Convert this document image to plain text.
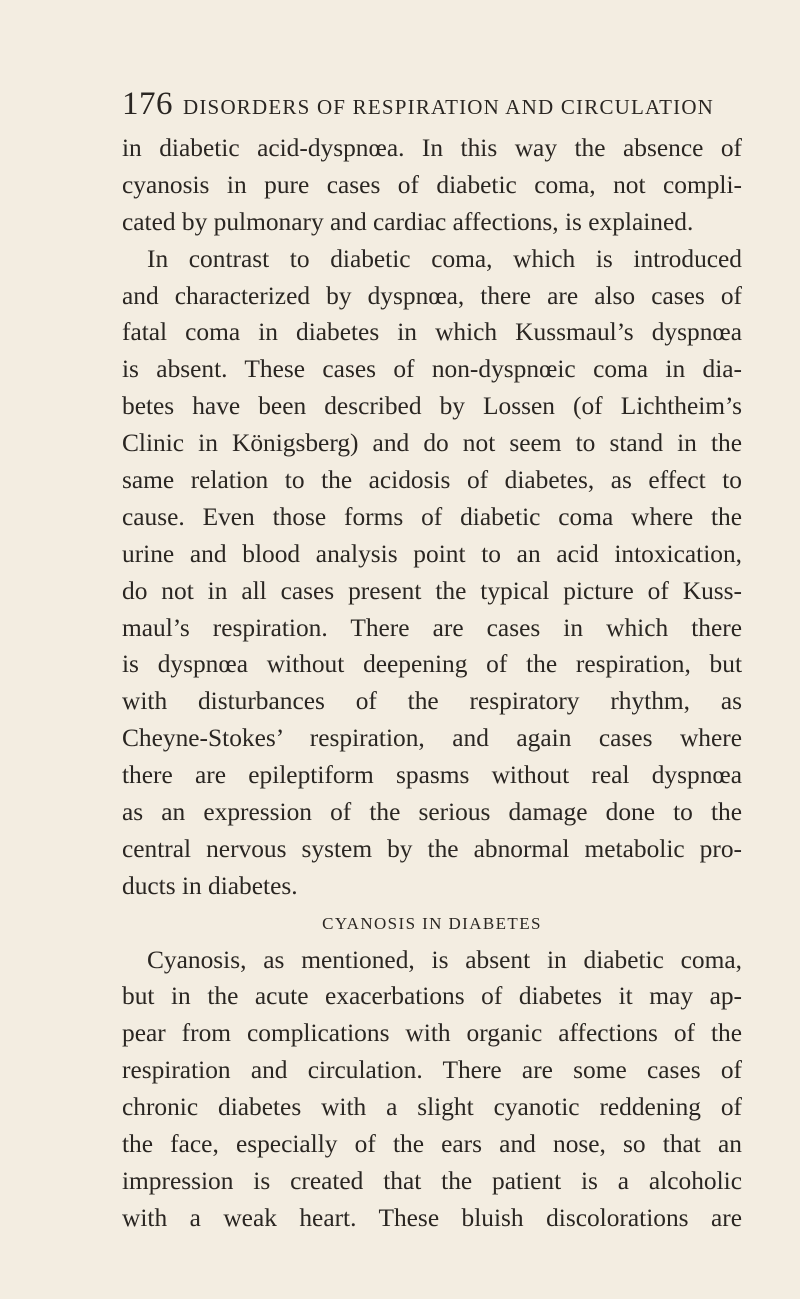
176 DISORDERS OF RESPIRATION AND CIRCULATION
in diabetic acid-dyspnœa. In this way the absence of
cyanosis in pure cases of diabetic coma, not compli-
cated by pulmonary and cardiac affections, is explained.
In contrast to diabetic coma, which is introduced
and characterized by dyspnœa, there are also cases of
fatal coma in diabetes in which Kussmaul’s dyspnœa
is absent. These cases of non-dyspnœic coma in dia-
betes have been described by Lossen (of Lichtheim’s
Clinic in Königsberg) and do not seem to stand in the
same relation to the acidosis of diabetes, as effect to
cause. Even those forms of diabetic coma where the
urine and blood analysis point to an acid intoxication,
do not in all cases present the typical picture of Kuss-
maul’s respiration. There are cases in which there
is dyspnœa without deepening of the respiration, but
with disturbances of the respiratory rhythm, as
Cheyne-Stokes’ respiration, and again cases where
there are epileptiform spasms without real dyspnœa
as an expression of the serious damage done to the
central nervous system by the abnormal metabolic pro-
ducts in diabetes.
CYANOSIS IN DIABETES
Cyanosis, as mentioned, is absent in diabetic coma,
but in the acute exacerbations of diabetes it may ap-
pear from complications with organic affections of the
respiration and circulation. There are some cases of
chronic diabetes with a slight cyanotic reddening of
the face, especially of the ears and nose, so that an
impression is created that the patient is a alcoholic
with a weak heart. These bluish discolorations are
